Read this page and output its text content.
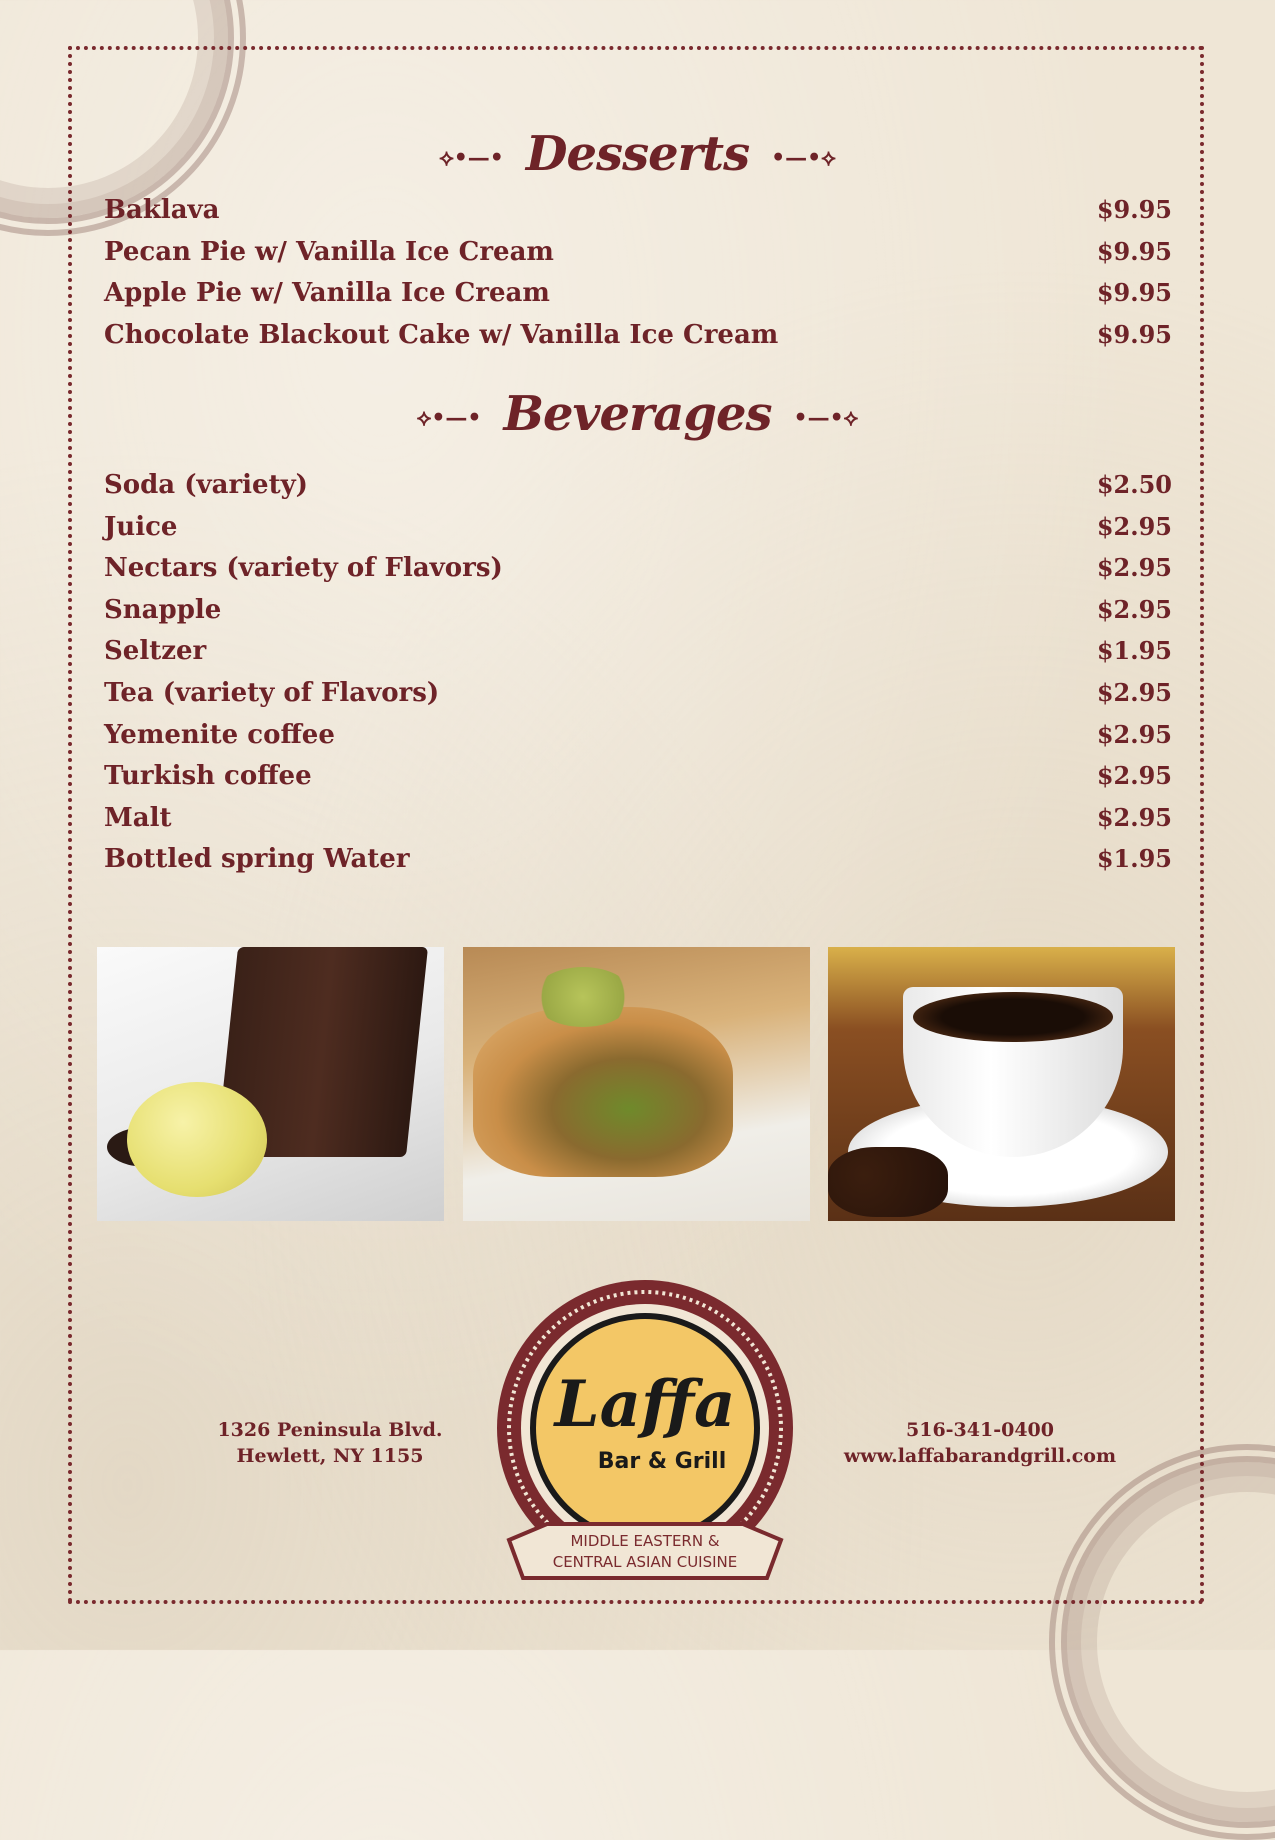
⟡•—• Desserts •—•⟡
Baklava	$9.95
Pecan Pie w/ Vanilla Ice Cream	$9.95
Apple Pie w/ Vanilla Ice Cream	$9.95
Chocolate Blackout Cake w/ Vanilla Ice Cream	$9.95
⟡•—• Beverages •—•⟡
Soda (variety)	$2.50
Juice	$2.95
Nectars (variety of Flavors)	$2.95
Snapple	$2.95
Seltzer	$1.95
Tea (variety of Flavors)	$2.95
Yemenite coffee	$2.95
Turkish coffee	$2.95
Malt	$2.95
Bottled spring Water	$1.95
1326 Peninsula Blvd.
Hewlett, NY 1155
516-341-0400
www.laffabarandgrill.com
Laffa
Bar & Grill
MIDDLE EASTERN &
CENTRAL ASIAN CUISINE
